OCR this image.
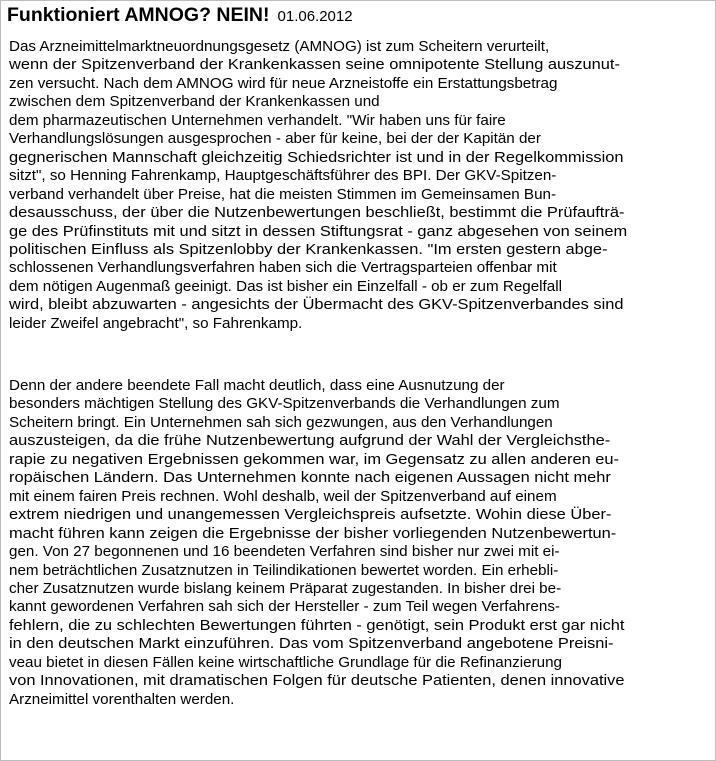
Funktioniert AMNOG? NEIN! 01.06.2012
Das Arzneimittelmarktneuordnungsgesetz (AMNOG) ist zum Scheitern verurteilt,
wenn der Spitzenverband der Krankenkassen seine omnipotente Stellung auszunut-
zen versucht. Nach dem AMNOG wird für neue Arzneistoffe ein Erstattungsbetrag
zwischen dem Spitzenverband der Krankenkassen und
dem pharmazeutischen Unternehmen verhandelt. "Wir haben uns für faire
Verhandlungslösungen ausgesprochen - aber für keine, bei der der Kapitän der
gegnerischen Mannschaft gleichzeitig Schiedsrichter ist und in der Regelkommission
sitzt", so Henning Fahrenkamp, Hauptgeschäftsführer des BPI. Der GKV-Spitzen-
verband verhandelt über Preise, hat die meisten Stimmen im Gemeinsamen Bun-
desausschuss, der über die Nutzenbewertungen beschließt, bestimmt die Prüfaufträ-
ge des Prüfinstituts mit und sitzt in dessen Stiftungsrat - ganz abgesehen von seinem
politischen Einfluss als Spitzenlobby der Krankenkassen. "Im ersten gestern abge-
schlossenen Verhandlungsverfahren haben sich die Vertragsparteien offenbar mit
dem nötigen Augenmaß geeinigt. Das ist bisher ein Einzelfall - ob er zum Regelfall
wird, bleibt abzuwarten - angesichts der Übermacht des GKV-Spitzenverbandes sind
leider Zweifel angebracht", so Fahrenkamp.
Denn der andere beendete Fall macht deutlich, dass eine Ausnutzung der
besonders mächtigen Stellung des GKV-Spitzenverbands die Verhandlungen zum
Scheitern bringt. Ein Unternehmen sah sich gezwungen, aus den Verhandlungen
auszusteigen, da die frühe Nutzenbewertung aufgrund der Wahl der Vergleichsthe-
rapie zu negativen Ergebnissen gekommen war, im Gegensatz zu allen anderen eu-
ropäischen Ländern. Das Unternehmen konnte nach eigenen Aussagen nicht mehr
mit einem fairen Preis rechnen. Wohl deshalb, weil der Spitzenverband auf einem
extrem niedrigen und unangemessen Vergleichspreis aufsetzte. Wohin diese Über-
macht führen kann zeigen die Ergebnisse der bisher vorliegenden Nutzenbewertun-
gen. Von 27 begonnenen und 16 beendeten Verfahren sind bisher nur zwei mit ei-
nem beträchtlichen Zusatznutzen in Teilindikationen bewertet worden. Ein erhebli-
cher Zusatznutzen wurde bislang keinem Präparat zugestanden. In bisher drei be-
kannt gewordenen Verfahren sah sich der Hersteller - zum Teil wegen Verfahrens-
fehlern, die zu schlechten Bewertungen führten - genötigt, sein Produkt erst gar nicht
in den deutschen Markt einzuführen. Das vom Spitzenverband angebotene Preisni-
veau bietet in diesen Fällen keine wirtschaftliche Grundlage für die Refinanzierung
von Innovationen, mit dramatischen Folgen für deutsche Patienten, denen innovative
Arzneimittel vorenthalten werden.
